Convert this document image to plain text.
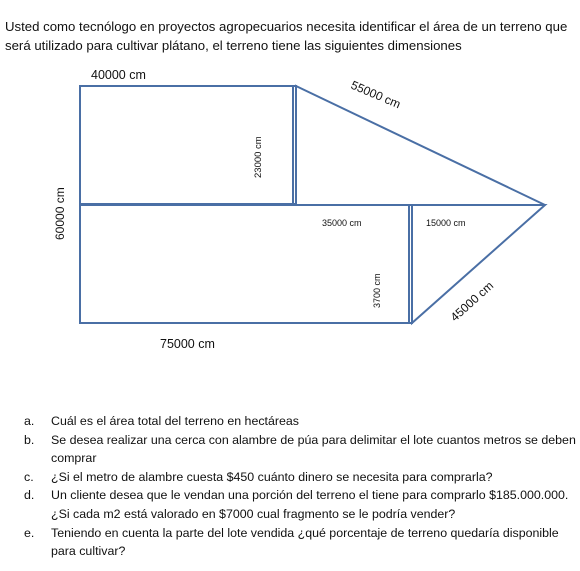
Usted como tecnólogo en proyectos agropecuarios necesita identificar el área de un terreno que será utilizado para cultivar plátano, el terreno tiene las siguientes dimensiones

40000 cm
55000 cm
23000 cm
60000 cm	35000 cm	15000 cm
3700 cm	45000 cm
75000 cm
a.	Cuál es el área total del terreno en hectáreas
b.	Se desea realizar una cerca con alambre de púa para delimitar el lote cuantos metros se deben comprar
c.	¿Si el metro de alambre cuesta $450 cuánto dinero se necesita para comprarla?
d.	Un cliente desea que le vendan una porción del terreno el tiene para comprarlo $185.000.000. ¿Si cada m2 está valorado en $7000 cual fragmento se le podría vender?
e.	Teniendo en cuenta la parte del lote vendida ¿qué porcentaje de terreno quedaría disponible para cultivar?
